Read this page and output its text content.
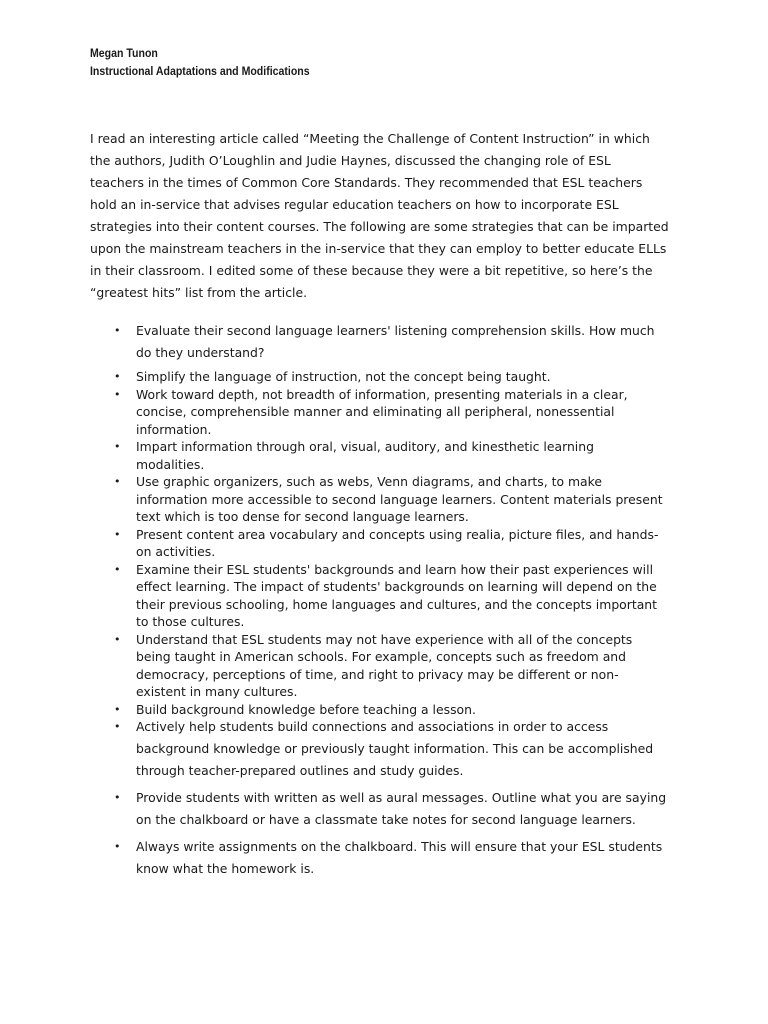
Megan Tunon
Instructional Adaptations and Modifications
I read an interesting article called “Meeting the Challenge of Content Instruction” in which
the authors, Judith O’Loughlin and Judie Haynes, discussed the changing role of ESL
teachers in the times of Common Core Standards. They recommended that ESL teachers
hold an in-service that advises regular education teachers on how to incorporate ESL
strategies into their content courses. The following are some strategies that can be imparted
upon the mainstream teachers in the in-service that they can employ to better educate ELLs
in their classroom. I edited some of these because they were a bit repetitive, so here’s the
“greatest hits” list from the article.
• Evaluate their second language learners' listening comprehension skills. How much
do they understand?
• Simplify the language of instruction, not the concept being taught.
• Work toward depth, not breadth of information, presenting materials in a clear,
concise, comprehensible manner and eliminating all peripheral, nonessential
information.
• Impart information through oral, visual, auditory, and kinesthetic learning
modalities.
• Use graphic organizers, such as webs, Venn diagrams, and charts, to make
information more accessible to second language learners. Content materials present
text which is too dense for second language learners.
• Present content area vocabulary and concepts using realia, picture files, and hands-
on activities.
• Examine their ESL students' backgrounds and learn how their past experiences will
effect learning. The impact of students' backgrounds on learning will depend on the
their previous schooling, home languages and cultures, and the concepts important
to those cultures.
• Understand that ESL students may not have experience with all of the concepts
being taught in American schools. For example, concepts such as freedom and
democracy, perceptions of time, and right to privacy may be different or non-
existent in many cultures.
• Build background knowledge before teaching a lesson.
• Actively help students build connections and associations in order to access
background knowledge or previously taught information. This can be accomplished
through teacher-prepared outlines and study guides.
• Provide students with written as well as aural messages. Outline what you are saying
on the chalkboard or have a classmate take notes for second language learners.
• Always write assignments on the chalkboard. This will ensure that your ESL students
know what the homework is.
